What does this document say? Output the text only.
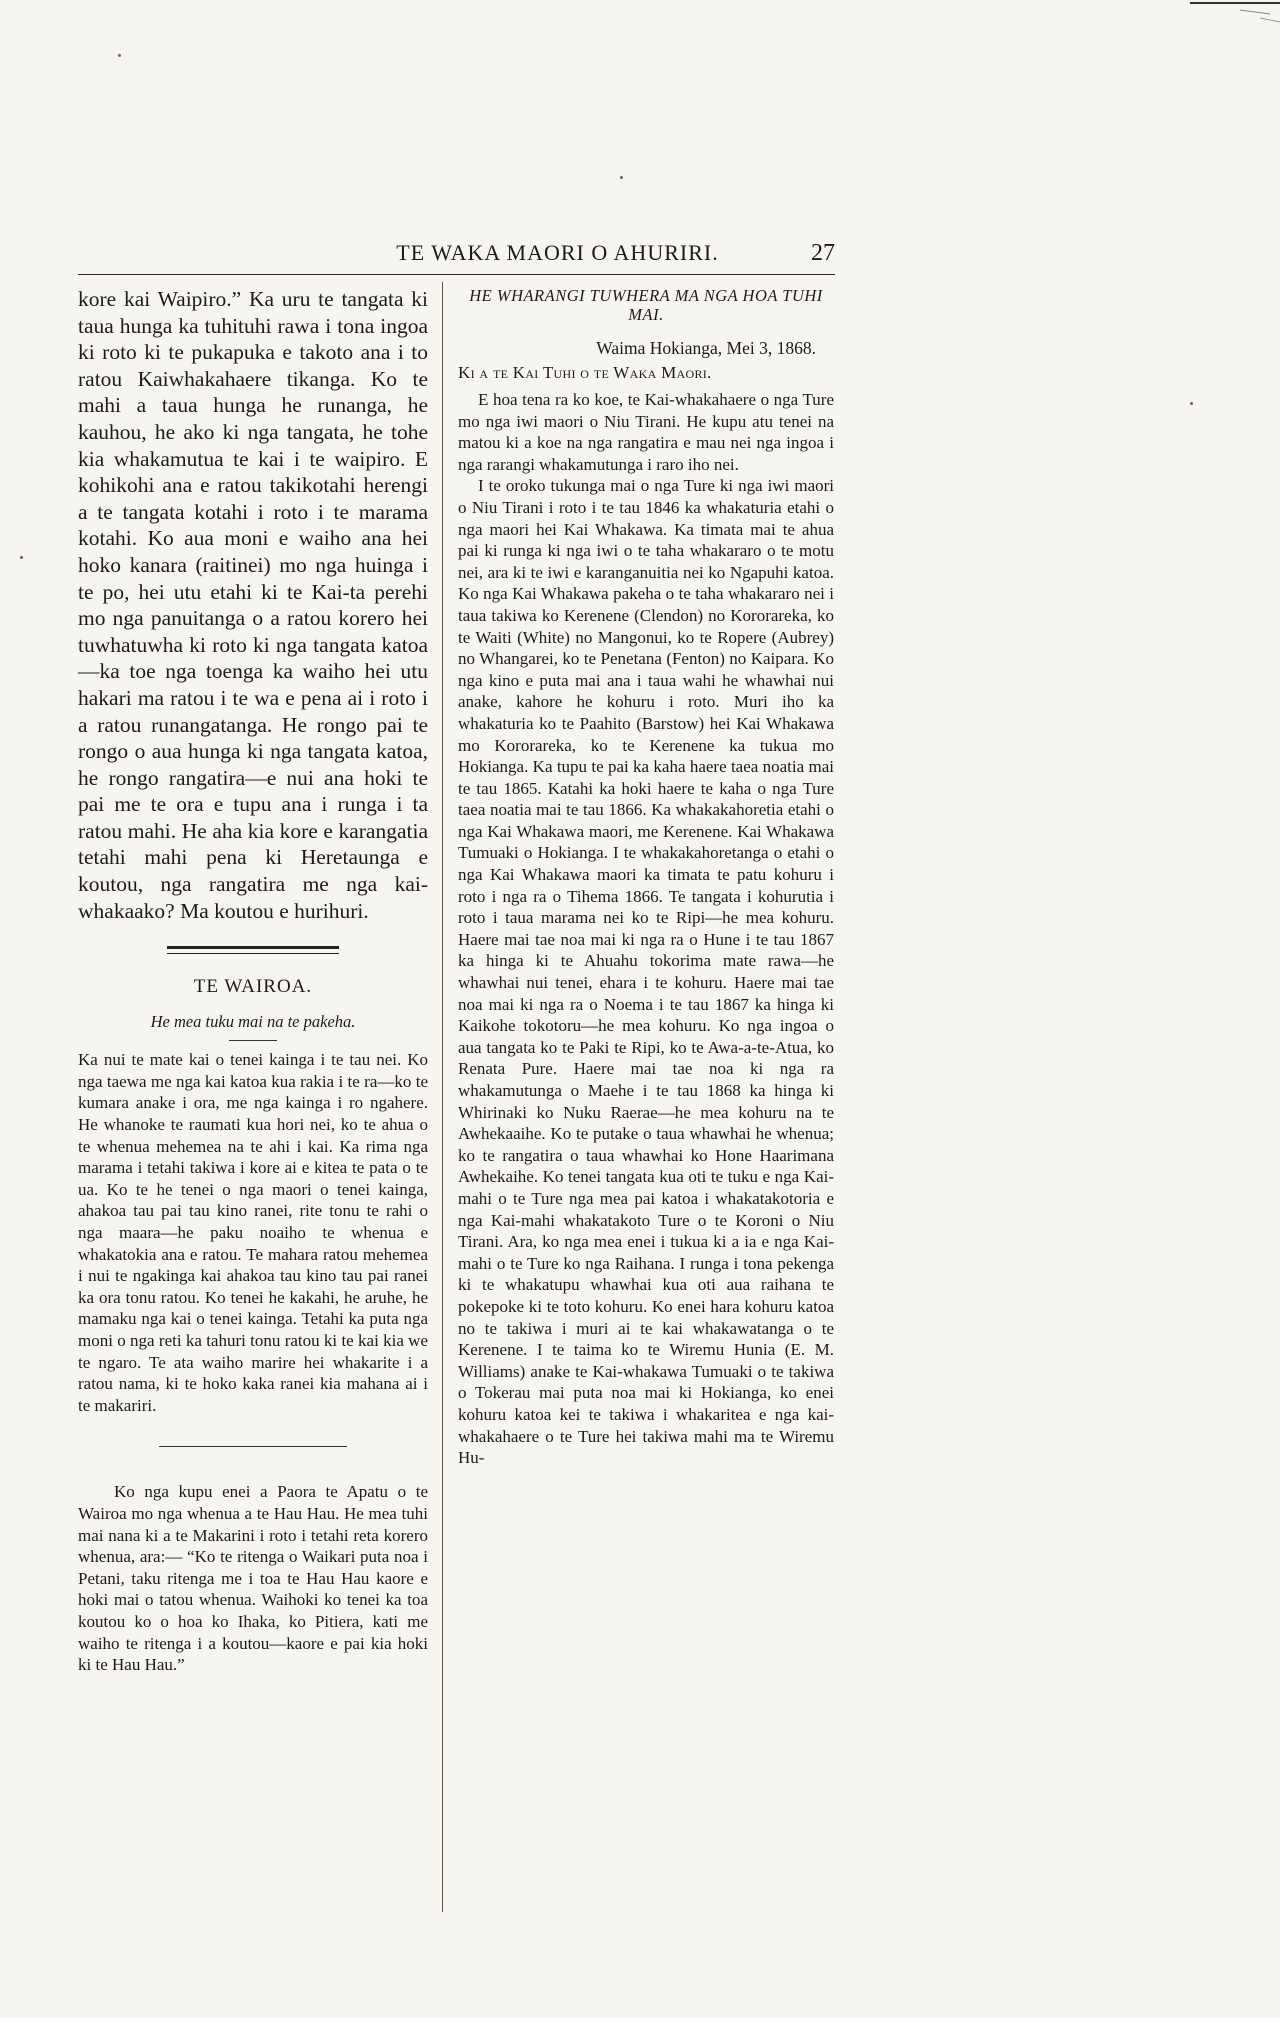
TE WAKA MAORI O AHURIRI.	27

kore kai Waipiro.” Ka uru te tangata ki taua hunga ka tuhituhi rawa i tona ingoa ki roto ki te pukapuka e takoto ana i to ratou Kaiwhakahaere tikanga. Ko te mahi a taua hunga he runanga, he kauhou, he ako ki nga tangata, he tohe kia whakamutua te kai i te waipiro. E kohikohi ana e ratou takikotahi herengi a te tangata kotahi i roto i te marama kotahi. Ko aua moni e waiho ana hei hoko kanara (raitinei) mo nga huinga i te po, hei utu etahi ki te Kai-ta perehi mo nga panuitanga o a ratou korero hei tuwhatuwha ki roto ki nga tangata katoa—ka toe nga toenga ka waiho hei utu hakari ma ratou i te wa e pena ai i roto i a ratou runangatanga. He rongo pai te rongo o aua hunga ki nga tangata katoa, he rongo rangatira—e nui ana hoki te pai me te ora e tupu ana i runga i ta ratou mahi. He aha kia kore e karangatia tetahi mahi pena ki Heretaunga e koutou, nga rangatira me nga kai-whakaako? Ma koutou e hurihuri.

TE WAIROA.
He mea tuku mai na te pakeha.

Ka nui te mate kai o tenei kainga i te tau nei. Ko nga taewa me nga kai katoa kua rakia i te ra—ko te kumara anake i ora, me nga kainga i ro ngahere. He whanoke te raumati kua hori nei, ko te ahua o te whenua mehemea na te ahi i kai. Ka rima nga marama i tetahi takiwa i kore ai e kitea te pata o te ua. Ko te he tenei o nga maori o tenei kainga, ahakoa tau pai tau kino ranei, rite tonu te rahi o nga maara—he paku noaiho te whenua e whakatokia ana e ratou. Te mahara ratou mehemea i nui te ngakinga kai ahakoa tau kino tau pai ranei ka ora tonu ratou. Ko tenei he kakahi, he aruhe, he mamaku nga kai o tenei kainga. Tetahi ka puta nga moni o nga reti ka tahuri tonu ratou ki te kai kia we te ngaro. Te ata waiho marire hei whakarite i a ratou nama, ki te hoko kaka ranei kia mahana ai i te makariri.

Ko nga kupu enei a Paora te Apatu o te Wairoa mo nga whenua a te Hau Hau. He mea tuhi mai nana ki a te Makarini i roto i tetahi reta korero whenua, ara:— “Ko te ritenga o Waikari puta noa i Petani, taku ritenga me i toa te Hau Hau kaore e hoki mai o tatou whenua. Waihoki ko tenei ka toa koutou ko o hoa ko Ihaka, ko Pitiera, kati me waiho te ritenga i a koutou—kaore e pai kia hoki ki te Hau Hau.”

HE WHARANGI TUWHERA MA NGA HOA TUHI MAI.
Waima Hokianga, Mei 3, 1868.
Ki a te Kai Tuhi o te Waka Maori.

E hoa tena ra ko koe, te Kai-whakahaere o nga Ture mo nga iwi maori o Niu Tirani. He kupu atu tenei na matou ki a koe na nga rangatira e mau nei nga ingoa i nga rarangi whakamutunga i raro iho nei.

I te oroko tukunga mai o nga Ture ki nga iwi maori o Niu Tirani i roto i te tau 1846 ka whakaturia etahi o nga maori hei Kai Whakawa. Ka timata mai te ahua pai ki runga ki nga iwi o te taha whakararo o te motu nei, ara ki te iwi e karanganuitia nei ko Ngapuhi katoa. Ko nga Kai Whakawa pakeha o te taha whakararo nei i taua takiwa ko Kerenene (Clendon) no Kororareka, ko te Waiti (White) no Mangonui, ko te Ropere (Aubrey) no Whangarei, ko te Penetana (Fenton) no Kaipara. Ko nga kino e puta mai ana i taua wahi he whawhai nui anake, kahore he kohuru i roto. Muri iho ka whakaturia ko te Paahito (Barstow) hei Kai Whakawa mo Kororareka, ko te Kerenene ka tukua mo Hokianga. Ka tupu te pai ka kaha haere taea noatia mai te tau 1865. Katahi ka hoki haere te kaha o nga Ture taea noatia mai te tau 1866. Ka whakakahoretia etahi o nga Kai Whakawa maori, me Kerenene. Kai Whakawa Tumuaki o Hokianga. I te whakakahoretanga o etahi o nga Kai Whakawa maori ka timata te patu kohuru i roto i nga ra o Tihema 1866. Te tangata i kohurutia i roto i taua marama nei ko te Ripi—he mea kohuru. Haere mai tae noa mai ki nga ra o Hune i te tau 1867 ka hinga ki te Ahuahu tokorima mate rawa—he whawhai nui tenei, ehara i te kohuru. Haere mai tae noa mai ki nga ra o Noema i te tau 1867 ka hinga ki Kaikohe tokotoru—he mea kohuru. Ko nga ingoa o aua tangata ko te Paki te Ripi, ko te Awa-a-te-Atua, ko Renata Pure. Haere mai tae noa ki nga ra whakamutunga o Maehe i te tau 1868 ka hinga ki Whirinaki ko Nuku Raerae—he mea kohuru na te Awhekaaihe. Ko te putake o taua whawhai he whenua; ko te rangatira o taua whawhai ko Hone Haarimana Awhekaihe. Ko tenei tangata kua oti te tuku e nga Kai-mahi o te Ture nga mea pai katoa i whakatakotoria e nga Kai-mahi whakatakoto Ture o te Koroni o Niu Tirani. Ara, ko nga mea enei i tukua ki a ia e nga Kai-mahi o te Ture ko nga Raihana. I runga i tona pekenga ki te whakatupu whawhai kua oti aua raihana te pokepoke ki te toto kohuru. Ko enei hara kohuru katoa no te takiwa i muri ai te kai whakawatanga o te Kerenene. I te taima ko te Wiremu Hunia (E. M. Williams) anake te Kai-whakawa Tumuaki o te takiwa o Tokerau mai puta noa mai ki Hokianga, ko enei kohuru katoa kei te takiwa i whakaritea e nga kai-whakahaere o te Ture hei takiwa mahi ma te Wiremu Hu-
